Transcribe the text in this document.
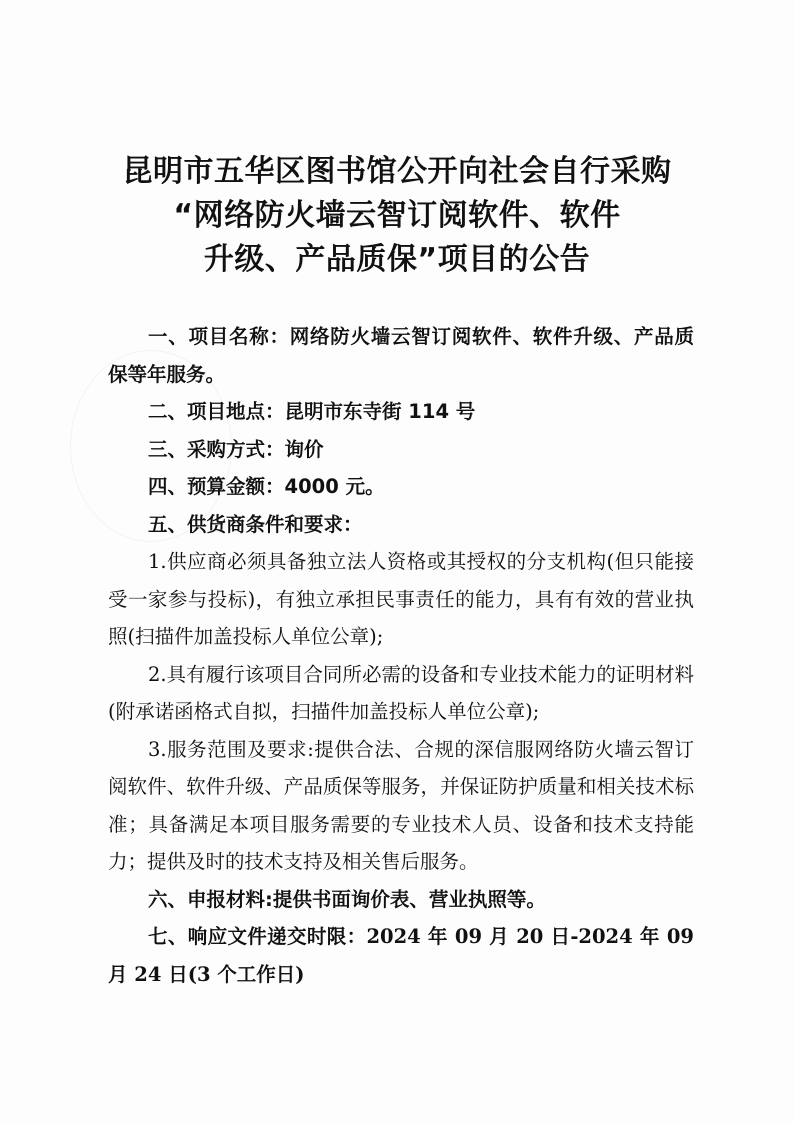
昆明市五华区图书馆公开向社会自行采购
“网络防火墙云智订阅软件、软件
升级、产品质保”项目的公告

一、项目名称：网络防火墙云智订阅软件、软件升级、产品质保等年服务。

二、项目地点：昆明市东寺街 114 号

三、采购方式：询价

四、预算金额：4000 元。

五、供货商条件和要求：

1.供应商必须具备独立法人资格或其授权的分支机构(但只能接受一家参与投标)，有独立承担民事责任的能力，具有有效的营业执照(扫描件加盖投标人单位公章);

2.具有履行该项目合同所必需的设备和专业技术能力的证明材料(附承诺函格式自拟，扫描件加盖投标人单位公章);

3.服务范围及要求:提供合法、合规的深信服网络防火墙云智订阅软件、软件升级、产品质保等服务，并保证防护质量和相关技术标准；具备满足本项目服务需要的专业技术人员、设备和技术支持能力；提供及时的技术支持及相关售后服务。

六、申报材料:提供书面询价表、营业执照等。

七、响应文件递交时限：2024 年 09 月 20 日-2024 年 09 月 24 日(3 个工作日)
